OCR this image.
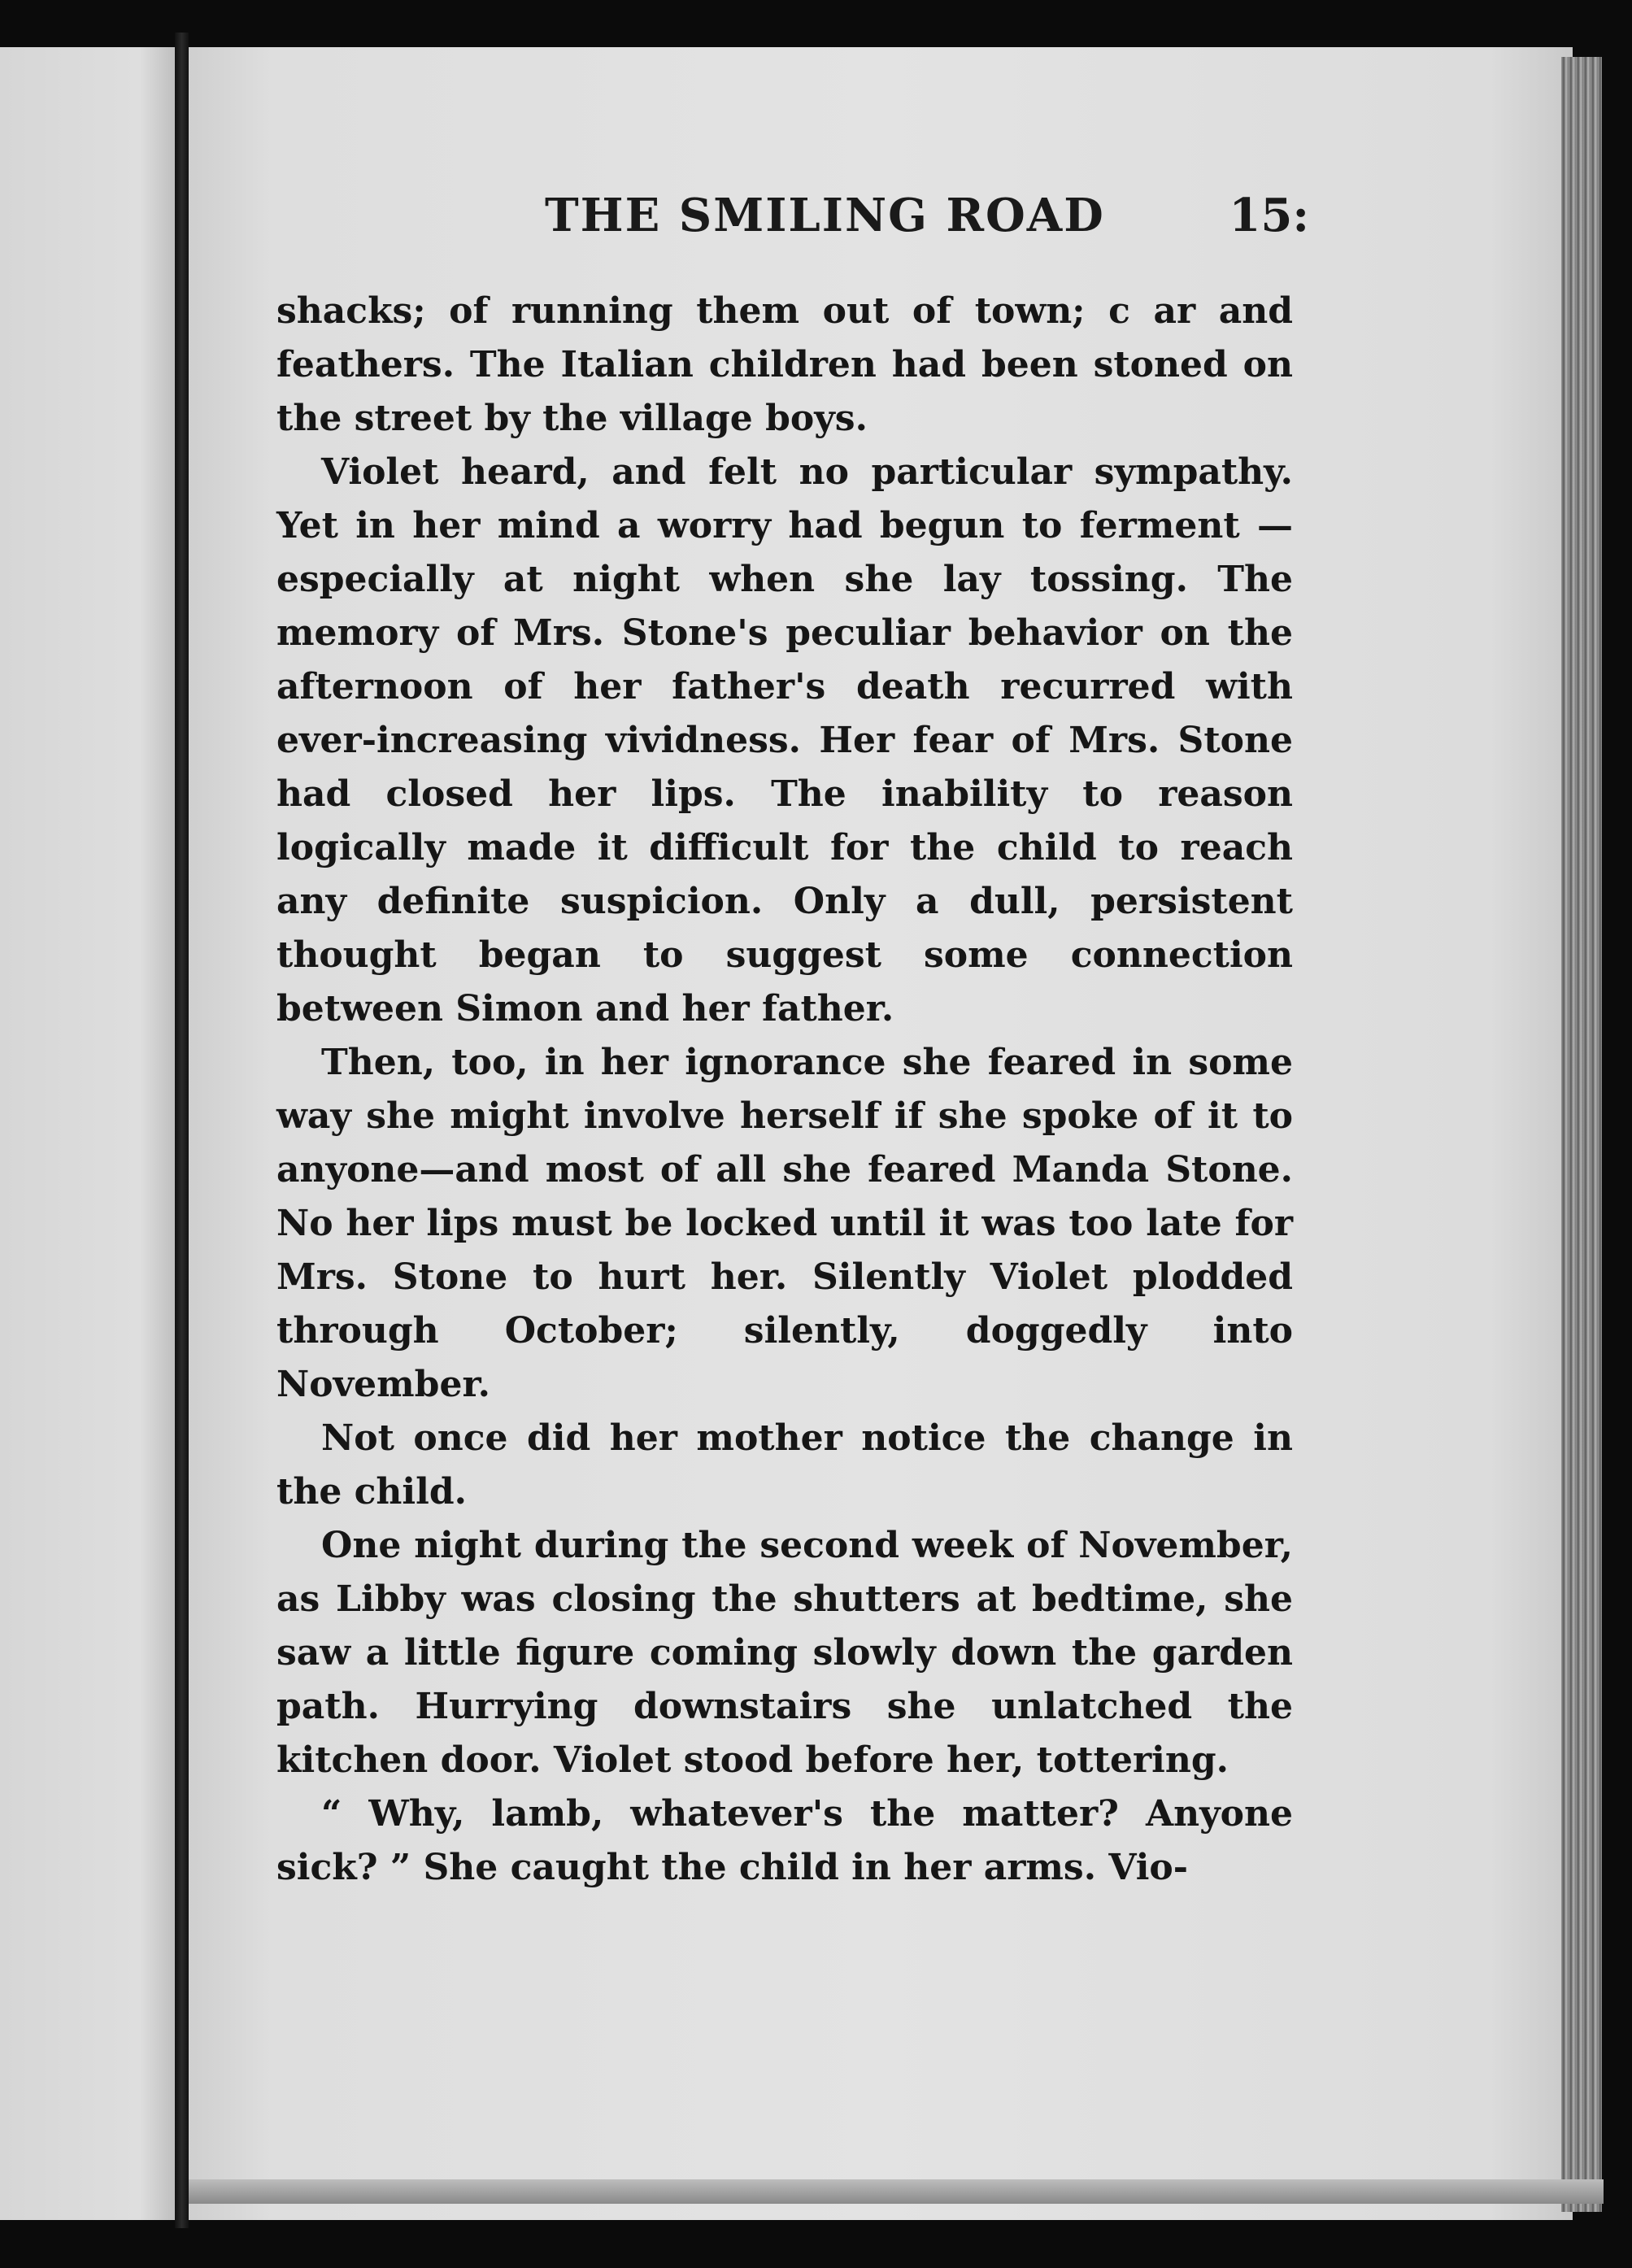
THE SMILING ROAD	15:

shacks; of running them out of town; c ar and feathers. The Italian children had been stoned on the street by the village boys.

Violet heard, and felt no particular sympathy. Yet in her mind a worry had begun to ferment —especially at night when she lay tossing. The memory of Mrs. Stone's peculiar behavior on the afternoon of her father's death recurred with ever-increasing vividness. Her fear of Mrs. Stone had closed her lips. The inability to reason logically made it difficult for the child to reach any definite suspicion. Only a dull, persistent thought began to suggest some connection between Simon and her father.

Then, too, in her ignorance she feared in some way she might involve herself if she spoke of it to anyone—and most of all she feared Manda Stone. No her lips must be locked until it was too late for Mrs. Stone to hurt her. Silently Violet plodded through October; silently, doggedly into November.

Not once did her mother notice the change in the child.

One night during the second week of November, as Libby was closing the shutters at bedtime, she saw a little figure coming slowly down the garden path. Hurrying downstairs she unlatched the kitchen door. Violet stood before her, tottering.

“ Why, lamb, whatever's the matter? Anyone sick? ” She caught the child in her arms. Vio-
